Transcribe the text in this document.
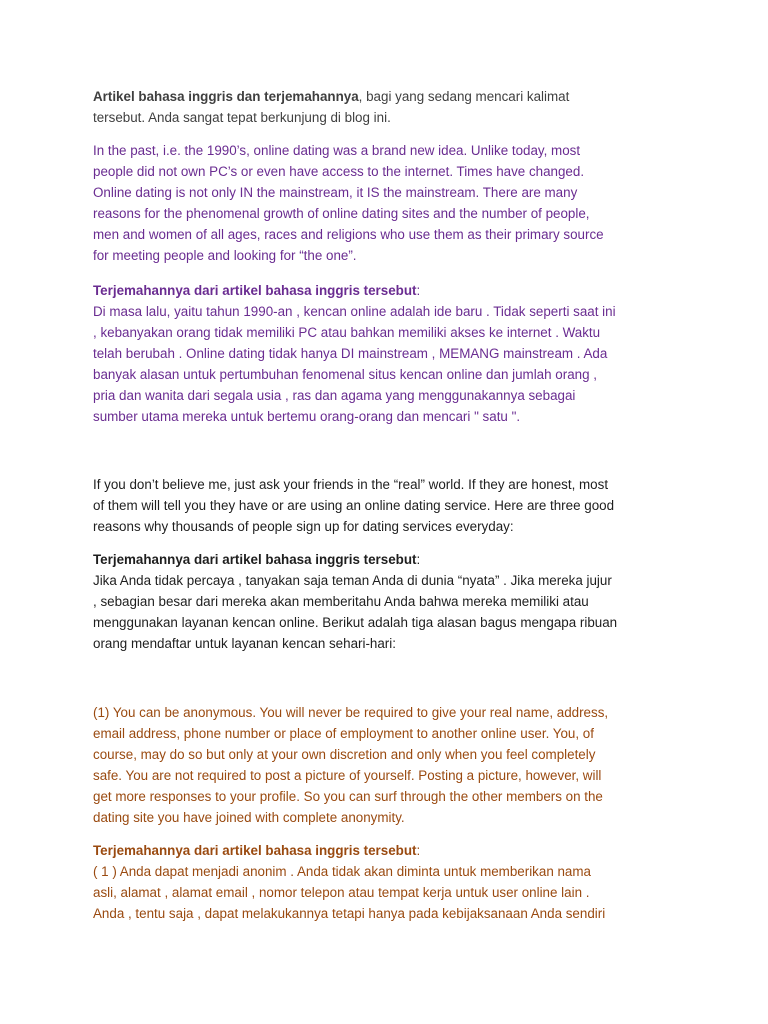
Artikel bahasa inggris dan terjemahannya, bagi yang sedang mencari kalimat
tersebut. Anda sangat tepat berkunjung di blog ini.
In the past, i.e. the 1990’s, online dating was a brand new idea. Unlike today, most
people did not own PC’s or even have access to the internet. Times have changed.
Online dating is not only IN the mainstream, it IS the mainstream. There are many
reasons for the phenomenal growth of online dating sites and the number of people,
men and women of all ages, races and religions who use them as their primary source
for meeting people and looking for “the one”.
Terjemahannya dari artikel bahasa inggris tersebut:
Di masa lalu, yaitu tahun 1990-an , kencan online adalah ide baru . Tidak seperti saat ini
, kebanyakan orang tidak memiliki PC atau bahkan memiliki akses ke internet . Waktu
telah berubah . Online dating tidak hanya DI mainstream , MEMANG mainstream . Ada
banyak alasan untuk pertumbuhan fenomenal situs kencan online dan jumlah orang ,
pria dan wanita dari segala usia , ras dan agama yang menggunakannya sebagai
sumber utama mereka untuk bertemu orang-orang dan mencari " satu ".
If you don’t believe me, just ask your friends in the “real” world. If they are honest, most
of them will tell you they have or are using an online dating service. Here are three good
reasons why thousands of people sign up for dating services everyday:
Terjemahannya dari artikel bahasa inggris tersebut:
Jika Anda tidak percaya , tanyakan saja teman Anda di dunia “nyata” . Jika mereka jujur
, sebagian besar dari mereka akan memberitahu Anda bahwa mereka memiliki atau
menggunakan layanan kencan online. Berikut adalah tiga alasan bagus mengapa ribuan
orang mendaftar untuk layanan kencan sehari-hari:
(1) You can be anonymous. You will never be required to give your real name, address,
email address, phone number or place of employment to another online user. You, of
course, may do so but only at your own discretion and only when you feel completely
safe. You are not required to post a picture of yourself. Posting a picture, however, will
get more responses to your profile. So you can surf through the other members on the
dating site you have joined with complete anonymity.
Terjemahannya dari artikel bahasa inggris tersebut:
( 1 ) Anda dapat menjadi anonim . Anda tidak akan diminta untuk memberikan nama
asli, alamat , alamat email , nomor telepon atau tempat kerja untuk user online lain .
Anda , tentu saja , dapat melakukannya tetapi hanya pada kebijaksanaan Anda sendiri
